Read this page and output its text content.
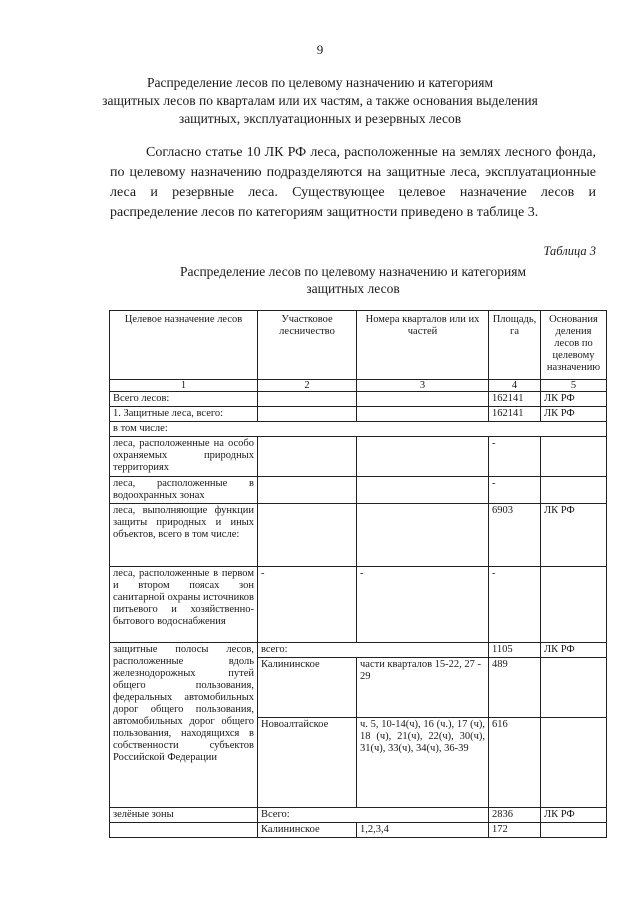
9
Распределение лесов по целевому назначению и категориям
защитных лесов по кварталам или их частям, а также основания выделения
защитных, эксплуатационных и резервных лесов
Согласно статье 10 ЛК РФ леса, расположенные на землях лесного фонда, по целевому назначению подразделяются на защитные леса, эксплуатационные леса и резервные леса. Существующее целевое назначение лесов и распределение лесов по категориям защитности приведено в таблице 3.
Таблица 3
Распределение лесов по целевому назначению и категориям
защитных лесов
Целевое назначение лесов	Участковое лесничество	Номера кварталов или их частей	Площадь, га	Основания деления лесов по целевому назначению
1	2	3	4	5
Всего лесов:			162141	ЛК РФ
1. Защитные леса, всего:			162141	ЛК РФ
в том числе:				
леса, расположенные на особо охраняемых природных территориях			-	
леса, расположенные в водоохранных зонах			-	
леса, выполняющие функции защиты природных и иных объектов, всего в том числе:			6903	ЛК РФ
леса, расположенные в первом и втором поясах зон санитарной охраны источников питьевого и хозяйственно-бытового водоснабжения	-	-	-	
защитные полосы лесов, расположенные вдоль железнодорожных путей общего пользования, федеральных автомобильных дорог общего пользования, автомобильных дорог общего пользования, находящихся в собственности субъектов Российской Федерации	всего:		1105	ЛК РФ
	Калининское	части кварталов 15-22, 27 - 29	489	
	Новоалтайское	ч. 5, 10-14(ч), 16 (ч.), 17 (ч), 18 (ч), 21(ч), 22(ч), 30(ч), 31(ч), 33(ч), 34(ч), 36-39	616	
зелёные зоны	Всего:		2836	ЛК РФ
	Калининское	1,2,3,4	172	
